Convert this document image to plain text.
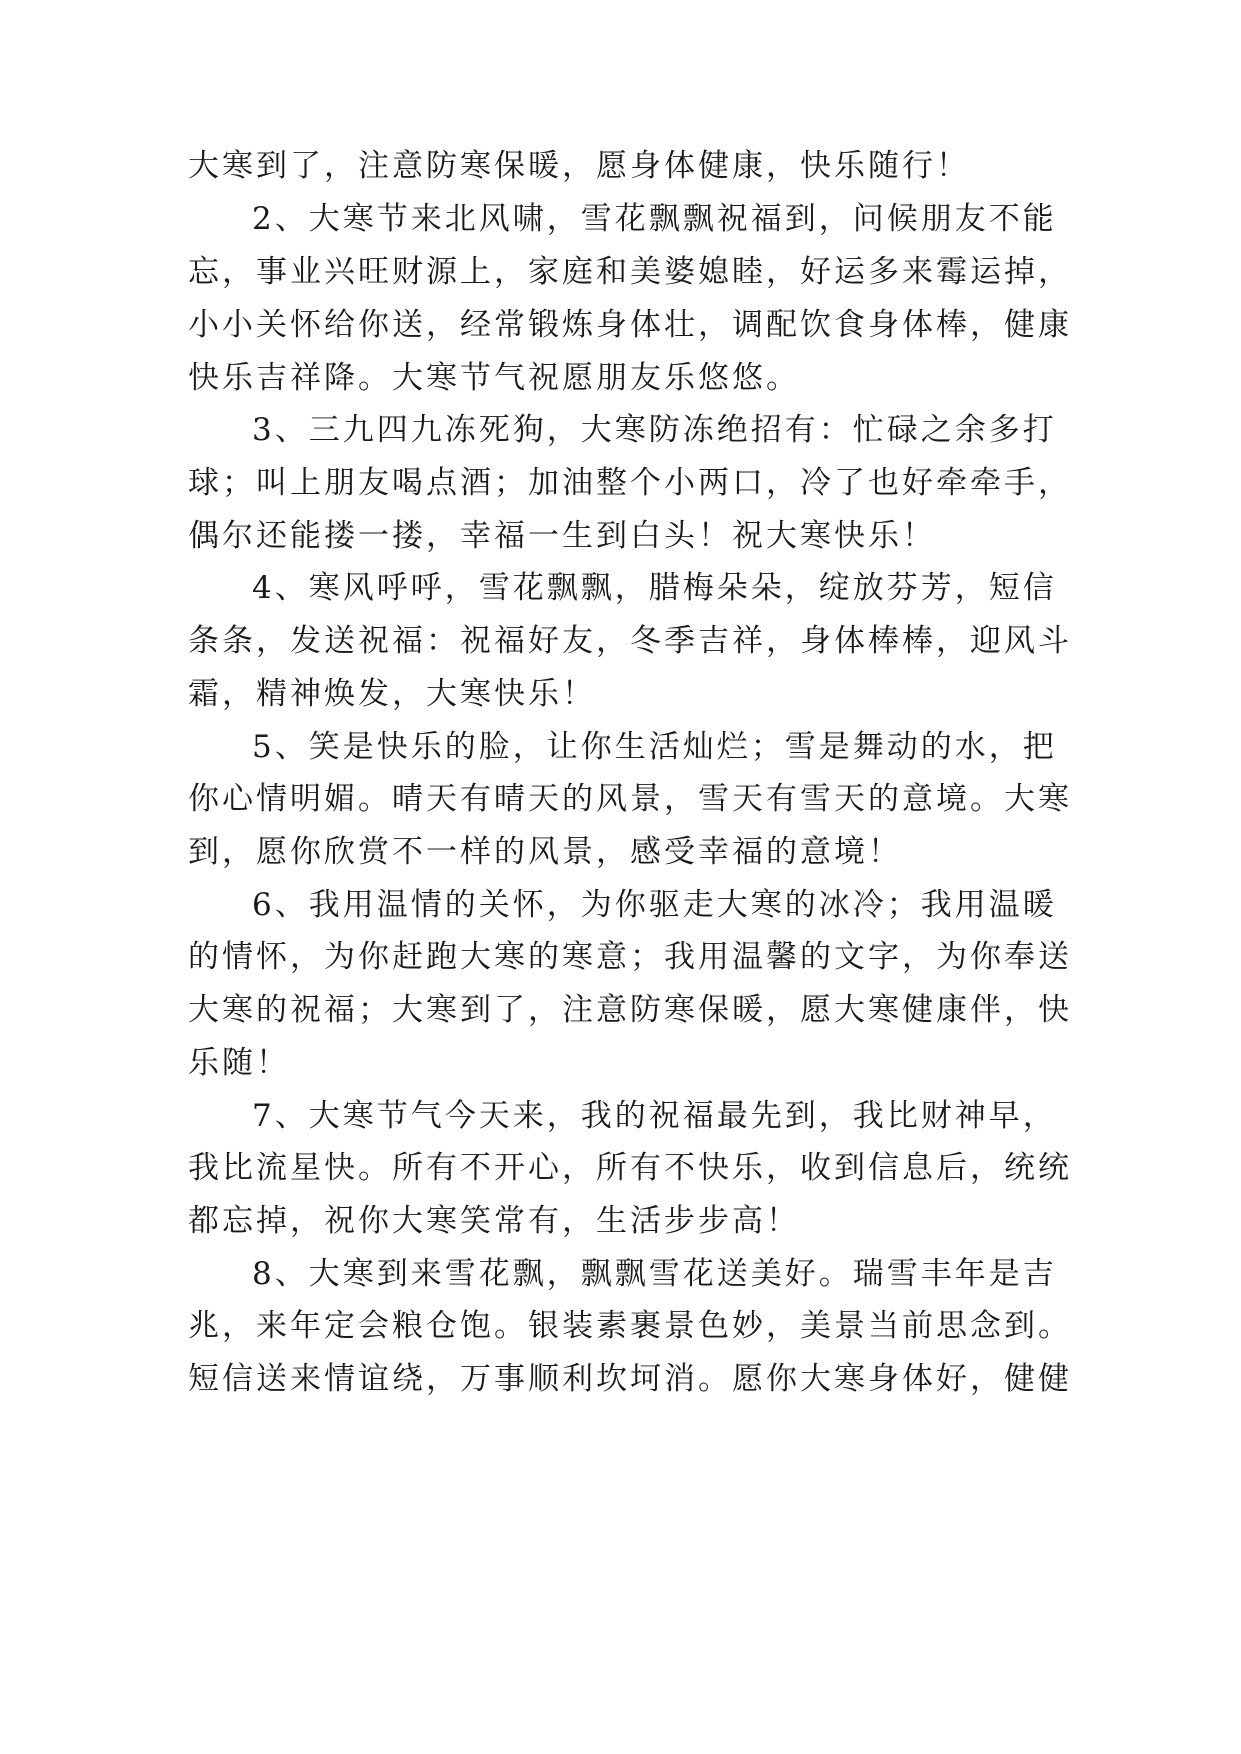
大寒到了，注意防寒保暖，愿身体健康，快乐随行！
2、大寒节来北风啸，雪花飘飘祝福到，问候朋友不能
忘，事业兴旺财源上，家庭和美婆媳睦，好运多来霉运掉，
小小关怀给你送，经常锻炼身体壮，调配饮食身体棒，健康
快乐吉祥降。大寒节气祝愿朋友乐悠悠。
3、三九四九冻死狗，大寒防冻绝招有：忙碌之余多打
球；叫上朋友喝点酒；加油整个小两口，冷了也好牵牵手，
偶尔还能搂一搂，幸福一生到白头！祝大寒快乐！
4、寒风呼呼，雪花飘飘，腊梅朵朵，绽放芬芳，短信
条条，发送祝福：祝福好友，冬季吉祥，身体棒棒，迎风斗
霜，精神焕发，大寒快乐！
5、笑是快乐的脸，让你生活灿烂；雪是舞动的水，把
你心情明媚。晴天有晴天的风景，雪天有雪天的意境。大寒
到，愿你欣赏不一样的风景，感受幸福的意境！
6、我用温情的关怀，为你驱走大寒的冰冷；我用温暖
的情怀，为你赶跑大寒的寒意；我用温馨的文字，为你奉送
大寒的祝福；大寒到了，注意防寒保暖，愿大寒健康伴，快
乐随！
7、大寒节气今天来，我的祝福最先到，我比财神早，
我比流星快。所有不开心，所有不快乐，收到信息后，统统
都忘掉，祝你大寒笑常有，生活步步高！
8、大寒到来雪花飘，飘飘雪花送美好。瑞雪丰年是吉
兆，来年定会粮仓饱。银装素裹景色妙，美景当前思念到。
短信送来情谊绕，万事顺利坎坷消。愿你大寒身体好，健健
